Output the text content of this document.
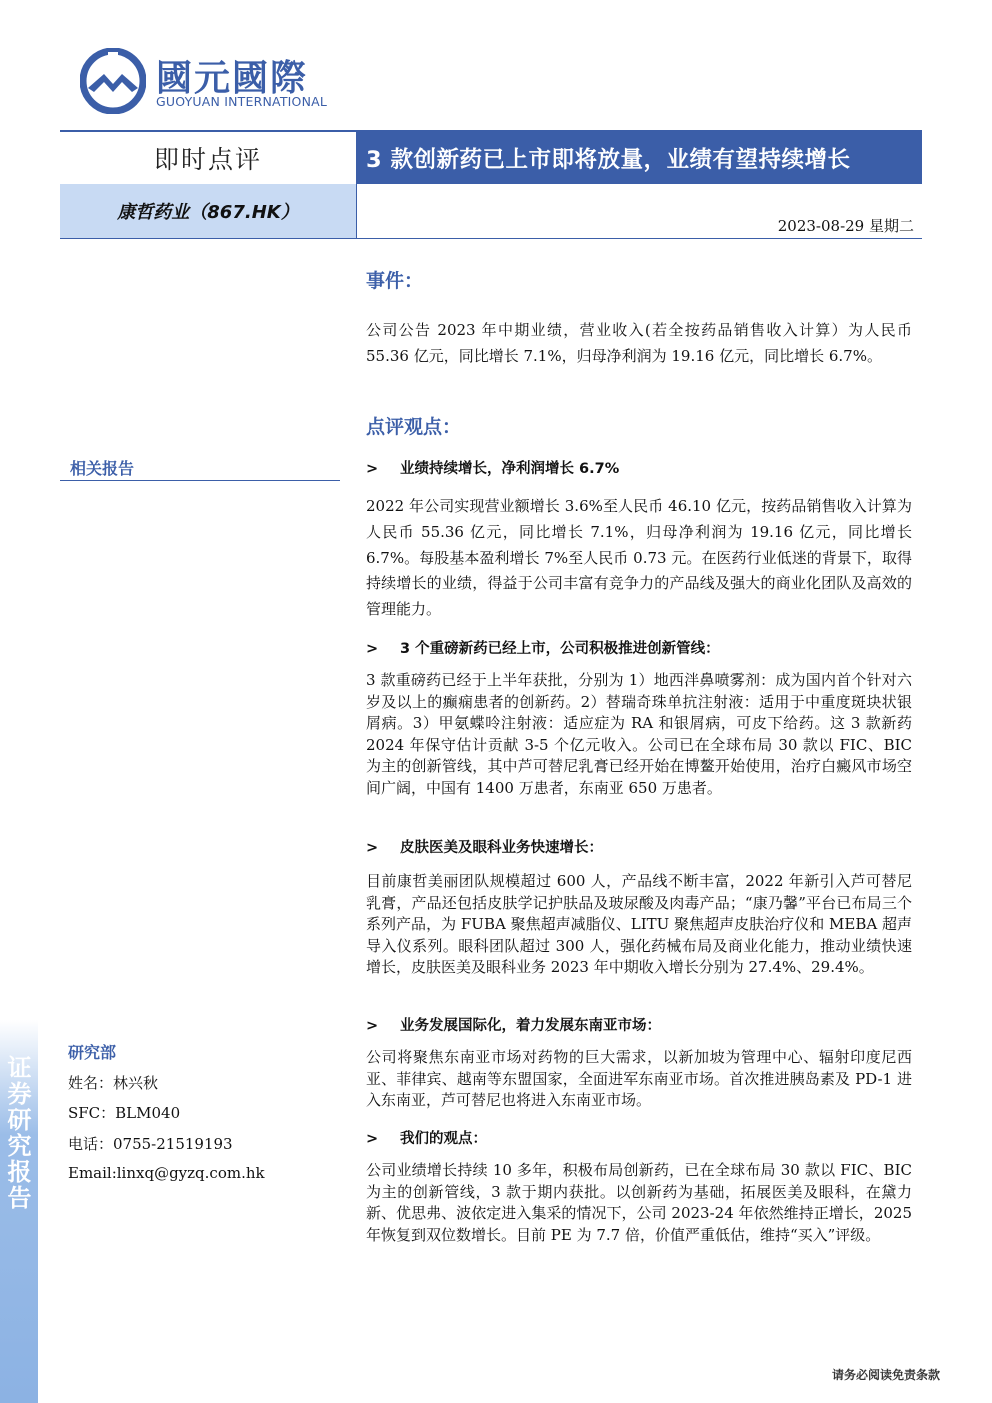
证券研究报告
國元國際
GUOYUAN INTERNATIONAL
即时点评	3 款创新药已上市即将放量，业绩有望持续增长
康哲药业（867.HK）
2023-08-29 星期二
相关报告
研究部
姓名：林兴秋
SFC：BLM040
电话：0755-21519193
Email:linxq@gyzq.com.hk
事件：
公司公告 2023 年中期业绩，营业收入(若全按药品销售收入计算）为人民币 55.36 亿元，同比增长 7.1%，归母净利润为 19.16 亿元，同比增长 6.7%。
点评观点：
> 业绩持续增长，净利润增长 6.7%
2022 年公司实现营业额增长 3.6%至人民币 46.10 亿元，按药品销售收入计算为人民币 55.36 亿元，同比增长 7.1%，归母净利润为 19.16 亿元，同比增长 6.7%。每股基本盈利增长 7%至人民币 0.73 元。在医药行业低迷的背景下，取得持续增长的业绩，得益于公司丰富有竞争力的产品线及强大的商业化团队及高效的管理能力。
> 3 个重磅新药已经上市，公司积极推进创新管线：
3 款重磅药已经于上半年获批，分别为 1）地西泮鼻喷雾剂：成为国内首个针对六岁及以上的癫痫患者的创新药。2）替瑞奇珠单抗注射液：适用于中重度斑块状银屑病。3）甲氨蝶呤注射液：适应症为 RA 和银屑病，可皮下给药。这 3 款新药 2024 年保守估计贡献 3-5 个亿元收入。公司已在全球布局 30 款以 FIC、BIC 为主的创新管线，其中芦可替尼乳膏已经开始在博鳌开始使用，治疗白癜风市场空间广阔，中国有 1400 万患者，东南亚 650 万患者。
> 皮肤医美及眼科业务快速增长：
目前康哲美丽团队规模超过 600 人，产品线不断丰富，2022 年新引入芦可替尼乳膏，产品还包括皮肤学记护肤品及玻尿酸及肉毒产品；“康乃馨”平台已布局三个系列产品，为 FUBA 聚焦超声减脂仪、LITU 聚焦超声皮肤治疗仪和 MEBA 超声导入仪系列。眼科团队超过 300 人，强化药械布局及商业化能力，推动业绩快速增长，皮肤医美及眼科业务 2023 年中期收入增长分别为 27.4%、29.4%。
> 业务发展国际化，着力发展东南亚市场：
公司将聚焦东南亚市场对药物的巨大需求，以新加坡为管理中心、辐射印度尼西亚、菲律宾、越南等东盟国家，全面进军东南亚市场。首次推进胰岛素及 PD-1 进入东南亚，芦可替尼也将进入东南亚市场。
> 我们的观点：
公司业绩增长持续 10 多年，积极布局创新药，已在全球布局 30 款以 FIC、BIC 为主的创新管线，3 款于期内获批。以创新药为基础，拓展医美及眼科，在黛力新、优思弗、波依定进入集采的情况下，公司 2023-24 年依然维持正增长，2025 年恢复到双位数增长。目前 PE 为 7.7 倍，价值严重低估，维持“买入”评级。
请务必阅读免责条款
